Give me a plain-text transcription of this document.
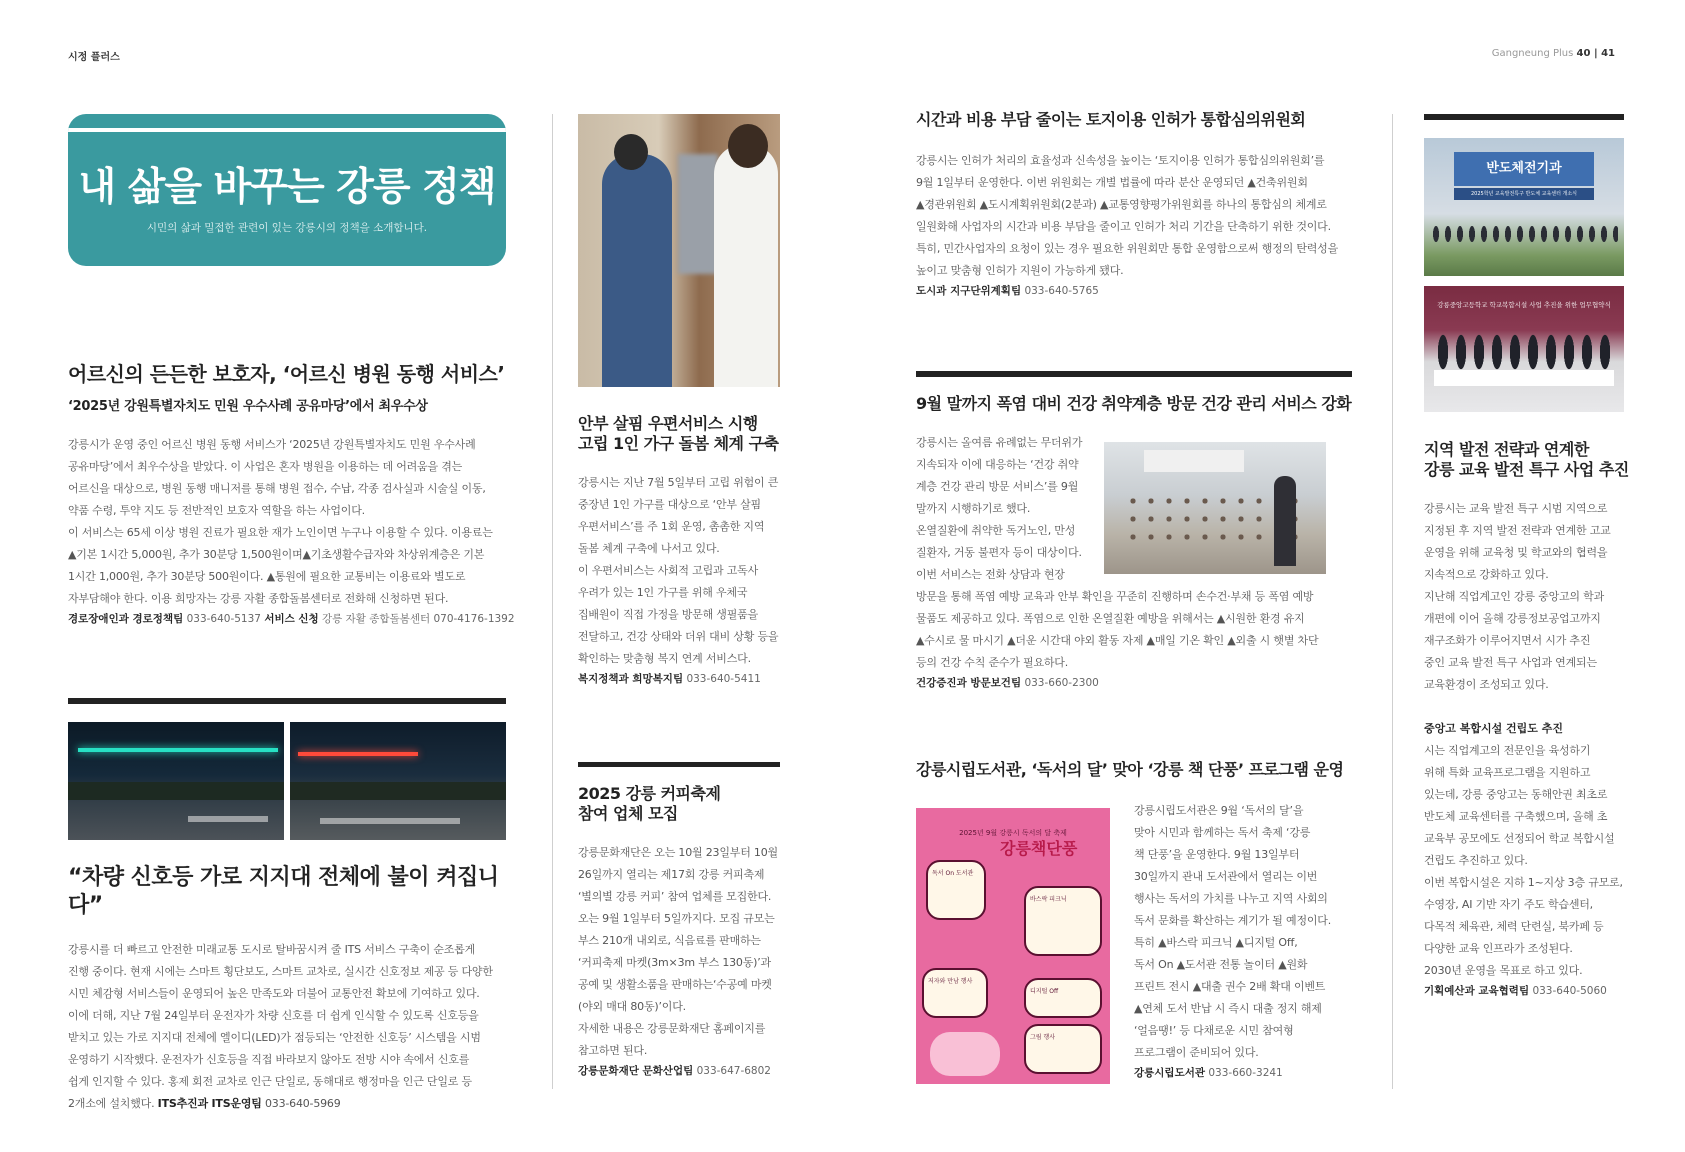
시정 플러스	Gangneung Plus 40 | 41
내 삶을 바꾸는 강릉 정책
시민의 삶과 밀접한 관련이 있는 강릉시의 정책을 소개합니다.
어르신의 든든한 보호자, ‘어르신 병원 동행 서비스’
‘2025년 강원특별자치도 민원 우수사례 공유마당’에서 최우수상
강릉시가 운영 중인 어르신 병원 동행 서비스가 ‘2025년 강원특별자치도 민원 우수사례
공유마당’에서 최우수상을 받았다. 이 사업은 혼자 병원을 이용하는 데 어려움을 겪는
어르신을 대상으로, 병원 동행 매니저를 통해 병원 접수, 수납, 각종 검사실과 시술실 이동,
약품 수령, 투약 지도 등 전반적인 보호자 역할을 하는 사업이다.
이 서비스는 65세 이상 병원 진료가 필요한 재가 노인이면 누구나 이용할 수 있다. 이용료는
▲기본 1시간 5,000원, 추가 30분당 1,500원이며▲기초생활수급자와 차상위계층은 기본
1시간 1,000원, 추가 30분당 500원이다. ▲통원에 필요한 교통비는 이용료와 별도로
자부담해야 한다. 이용 희망자는 강릉 자활 종합돌봄센터로 전화해 신청하면 된다.
경로장애인과 경로정책팀 033-640-5137 서비스 신청 강릉 자활 종합돌봄센터 070-4176-1392
“차량 신호등 가로 지지대 전체에 불이 켜집니다”
강릉시를 더 빠르고 안전한 미래교통 도시로 탈바꿈시켜 줄 ITS 서비스 구축이 순조롭게
진행 중이다. 현재 시에는 스마트 횡단보도, 스마트 교차로, 실시간 신호정보 제공 등 다양한
시민 체감형 서비스들이 운영되어 높은 만족도와 더불어 교통안전 확보에 기여하고 있다.
이에 더해, 지난 7월 24일부터 운전자가 차량 신호를 더 쉽게 인식할 수 있도록 신호등을
받치고 있는 가로 지지대 전체에 엘이디(LED)가 점등되는 ‘안전한 신호등’ 시스템을 시범
운영하기 시작했다. 운전자가 신호등을 직접 바라보지 않아도 전방 시야 속에서 신호를
쉽게 인지할 수 있다. 홍제 회전 교차로 인근 단일로, 동해대로 행정마을 인근 단일로 등
2개소에 설치했다. ITS추진과 ITS운영팀 033-640-5969
안부 살핌 우편서비스 시행
고립 1인 가구 돌봄 체계 구축
강릉시는 지난 7월 5일부터 고립 위험이 큰
중장년 1인 가구를 대상으로 ‘안부 살핌
우편서비스’를 주 1회 운영, 촘촘한 지역
돌봄 체계 구축에 나서고 있다.
이 우편서비스는 사회적 고립과 고독사
우려가 있는 1인 가구를 위해 우체국
집배원이 직접 가정을 방문해 생필품을
전달하고, 건강 상태와 더위 대비 상황 등을
확인하는 맞춤형 복지 연계 서비스다.
복지정책과 희망복지팀 033-640-5411
2025 강릉 커피축제
참여 업체 모집
강릉문화재단은 오는 10월 23일부터 10월
26일까지 열리는 제17회 강릉 커피축제
‘별의별 강릉 커피’ 참여 업체를 모집한다.
오는 9월 1일부터 5일까지다. 모집 규모는
부스 210개 내외로, 식음료를 판매하는
‘커피축제 마켓(3m×3m 부스 130동)’과
공예 및 생활소품을 판매하는‘수공예 마켓
(야외 매대 80동)’이다.
자세한 내용은 강릉문화재단 홈페이지를
참고하면 된다.
강릉문화재단 문화산업팀 033-647-6802
시간과 비용 부담 줄이는 토지이용 인허가 통합심의위원회
강릉시는 인허가 처리의 효율성과 신속성을 높이는 ‘토지이용 인허가 통합심의위원회’를
9월 1일부터 운영한다. 이번 위원회는 개별 법률에 따라 분산 운영되던 ▲건축위원회
▲경관위원회 ▲도시계획위원회(2분과) ▲교통영향평가위원회를 하나의 통합심의 체계로
일원화해 사업자의 시간과 비용 부담을 줄이고 인허가 처리 기간을 단축하기 위한 것이다.
특히, 민간사업자의 요청이 있는 경우 필요한 위원회만 통합 운영함으로써 행정의 탄력성을
높이고 맞춤형 인허가 지원이 가능하게 됐다.
도시과 지구단위계획팀 033-640-5765
9월 말까지 폭염 대비 건강 취약계층 방문 건강 관리 서비스 강화
강릉시는 올여름 유례없는 무더위가
지속되자 이에 대응하는 ‘건강 취약
계층 건강 관리 방문 서비스’를 9월
말까지 시행하기로 했다.
온열질환에 취약한 독거노인, 만성
질환자, 거동 불편자 등이 대상이다.
이번 서비스는 전화 상담과 현장
방문을 통해 폭염 예방 교육과 안부 확인을 꾸준히 진행하며 손수건·부채 등 폭염 예방
물품도 제공하고 있다. 폭염으로 인한 온열질환 예방을 위해서는 ▲시원한 환경 유지
▲수시로 물 마시기 ▲더운 시간대 야외 활동 자제 ▲매일 기온 확인 ▲외출 시 햇볕 차단
등의 건강 수칙 준수가 필요하다.
건강증진과 방문보건팀 033-660-2300
강릉시립도서관, ‘독서의 달’ 맞아 ‘강릉 책 단풍’ 프로그램 운영
2025년 9월 강릉시 독서의 달 축제
강릉책단풍
독서 On 도서관
바스락 피크닉
저자와 만남 행사
디지털 Off
그림 행사
강릉시립도서관은 9월 ‘독서의 달’을
맞아 시민과 함께하는 독서 축제 ‘강릉
책 단풍’을 운영한다. 9월 13일부터
30일까지 관내 도서관에서 열리는 이번
행사는 독서의 가치를 나누고 지역 사회의
독서 문화를 확산하는 계기가 될 예정이다.
특히 ▲바스락 피크닉 ▲디지털 Off,
독서 On ▲도서관 전통 놀이터 ▲원화
프린트 전시 ▲대출 권수 2배 확대 이벤트
▲연체 도서 반납 시 즉시 대출 정지 해제
‘얼음땡!’ 등 다채로운 시민 참여형
프로그램이 준비되어 있다.
강릉시립도서관 033-660-3241
반도체전기과
2025학년 교육발전특구 반도체 교육센터 개소식
강릉중앙고등학교 학교복합시설 사업 추진을 위한 업무협약식
지역 발전 전략과 연계한
강릉 교육 발전 특구 사업 추진
강릉시는 교육 발전 특구 시범 지역으로
지정된 후 지역 발전 전략과 연계한 고교
운영을 위해 교육청 및 학교와의 협력을
지속적으로 강화하고 있다.
지난해 직업계고인 강릉 중앙고의 학과
개편에 이어 올해 강릉정보공업고까지
재구조화가 이루어지면서 시가 추진
중인 교육 발전 특구 사업과 연계되는
교육환경이 조성되고 있다.
중앙고 복합시설 건립도 추진
시는 직업계고의 전문인을 육성하기
위해 특화 교육프로그램을 지원하고
있는데, 강릉 중앙고는 동해안권 최초로
반도체 교육센터를 구축했으며, 올해 초
교육부 공모에도 선정되어 학교 복합시설
건립도 추진하고 있다.
이번 복합시설은 지하 1~지상 3층 규모로,
수영장, AI 기반 자기 주도 학습센터,
다목적 체육관, 체력 단련실, 북카페 등
다양한 교육 인프라가 조성된다.
2030년 운영을 목표로 하고 있다.
기획예산과 교육협력팀 033-640-5060
